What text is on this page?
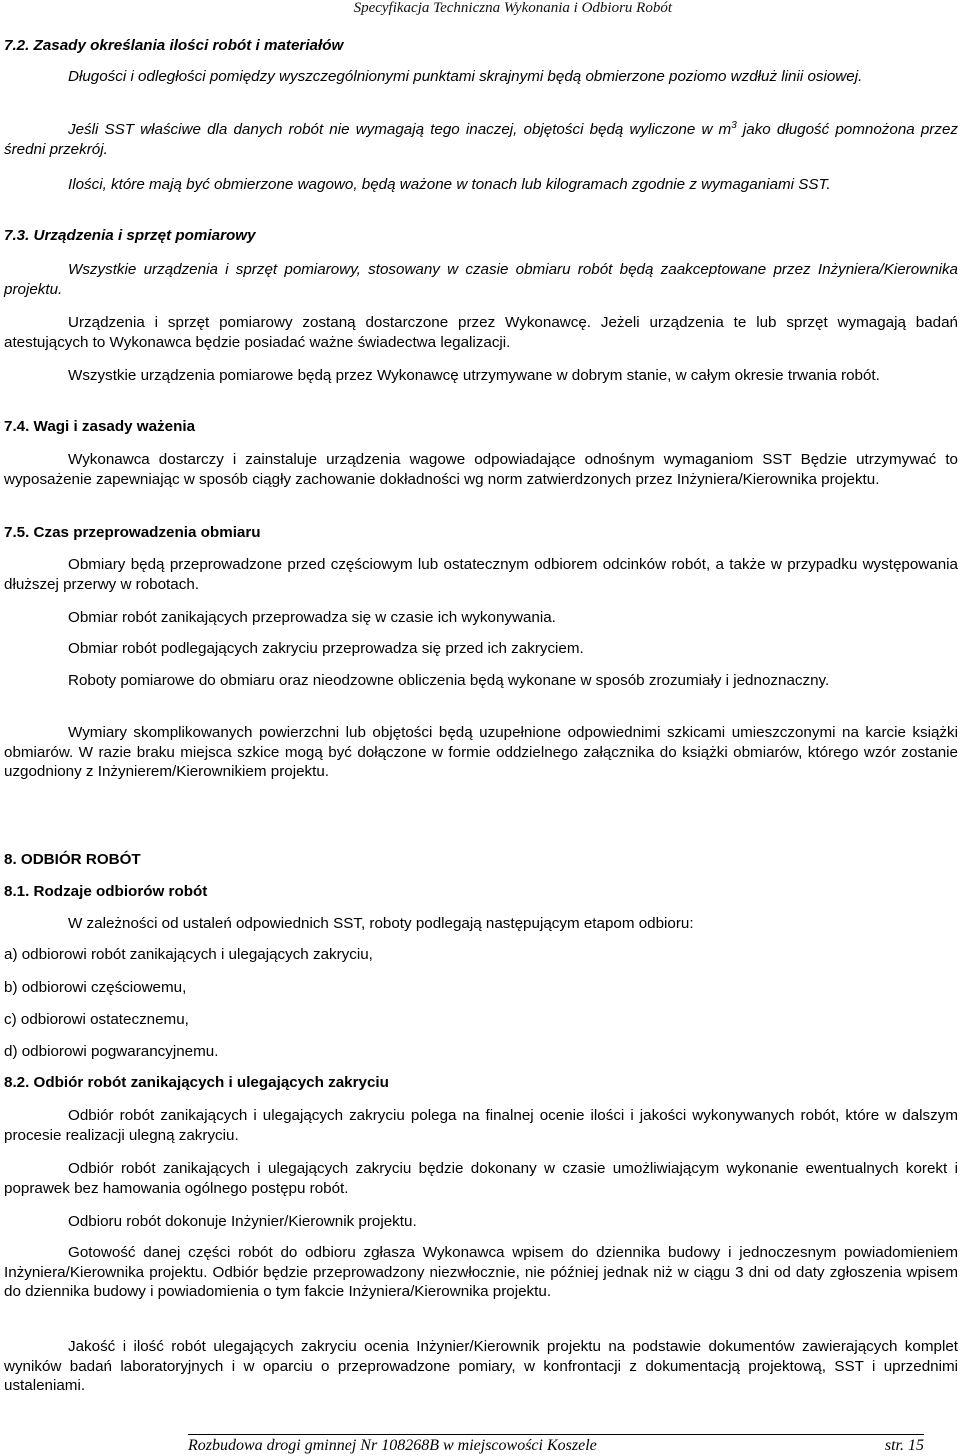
Specyfikacja Techniczna Wykonania i Odbioru Robót
7.2. Zasady określania ilości robót i materiałów

Długości i odległości pomiędzy wyszczególnionymi punktami skrajnymi będą obmierzone poziomo wzdłuż linii osiowej.

Jeśli SST właściwe dla danych robót nie wymagają tego inaczej, objętości będą wyliczone w $m^3$ jako długość pomnożona przez średni przekrój.

Ilości, które mają być obmierzone wagowo, będą ważone w tonach lub kilogramach zgodnie z wymaganiami SST.

7.3. Urządzenia i sprzęt pomiarowy

Wszystkie urządzenia i sprzęt pomiarowy, stosowany w czasie obmiaru robót będą zaakceptowane przez Inżyniera/Kierownika projektu.

Urządzenia i sprzęt pomiarowy zostaną dostarczone przez Wykonawcę. Jeżeli urządzenia te lub sprzęt wymagają badań atestujących to Wykonawca będzie posiadać ważne świadectwa legalizacji.

Wszystkie urządzenia pomiarowe będą przez Wykonawcę utrzymywane w dobrym stanie, w całym okresie trwania robót.

7.4. Wagi i zasady ważenia

Wykonawca dostarczy i zainstaluje urządzenia wagowe odpowiadające odnośnym wymaganiom SST Będzie utrzymywać to wyposażenie zapewniając w sposób ciągły zachowanie dokładności wg norm zatwierdzonych przez Inżyniera/Kierownika projektu.

7.5. Czas przeprowadzenia obmiaru

Obmiary będą przeprowadzone przed częściowym lub ostatecznym odbiorem odcinków robót, a także w przypadku występowania dłuższej przerwy w robotach.

Obmiar robót zanikających przeprowadza się w czasie ich wykonywania.

Obmiar robót podlegających zakryciu przeprowadza się przed ich zakryciem.

Roboty pomiarowe do obmiaru oraz nieodzowne obliczenia będą wykonane w sposób zrozumiały i jednoznaczny.

Wymiary skomplikowanych powierzchni lub objętości będą uzupełnione odpowiednimi szkicami umieszczonymi na karcie książki obmiarów. W razie braku miejsca szkice mogą być dołączone w formie oddzielnego załącznika do książki obmiarów, którego wzór zostanie uzgodniony z Inżynierem/Kierownikiem projektu.

8. ODBIÓR ROBÓT
8.1. Rodzaje odbiorów robót

W zależności od ustaleń odpowiednich SST, roboty podlegają następującym etapom odbioru:

a) odbiorowi robót zanikających i ulegających zakryciu,
b) odbiorowi częściowemu,
c) odbiorowi ostatecznemu,
d) odbiorowi pogwarancyjnemu.
8.2. Odbiór robót zanikających i ulegających zakryciu

Odbiór robót zanikających i ulegających zakryciu polega na finalnej ocenie ilości i jakości wykonywanych robót, które w dalszym procesie realizacji ulegną zakryciu.

Odbiór robót zanikających i ulegających zakryciu będzie dokonany w czasie umożliwiającym wykonanie ewentualnych korekt i poprawek bez hamowania ogólnego postępu robót.

Odbioru robót dokonuje Inżynier/Kierownik projektu.

Gotowość danej części robót do odbioru zgłasza Wykonawca wpisem do dziennika budowy i jednoczesnym powiadomieniem Inżyniera/Kierownika projektu. Odbiór będzie przeprowadzony niezwłocznie, nie później jednak niż w ciągu 3 dni od daty zgłoszenia wpisem do dziennika budowy i powiadomienia o tym fakcie Inżyniera/Kierownika projektu.

Jakość i ilość robót ulegających zakryciu ocenia Inżynier/Kierownik projektu na podstawie dokumentów zawierających komplet wyników badań laboratoryjnych i w oparciu o przeprowadzone pomiary, w konfrontacji z dokumentacją projektową, SST i uprzednimi ustaleniami.

Rozbudowa drogi gminnej Nr 108268B w miejscowości Koszele	str. 15
